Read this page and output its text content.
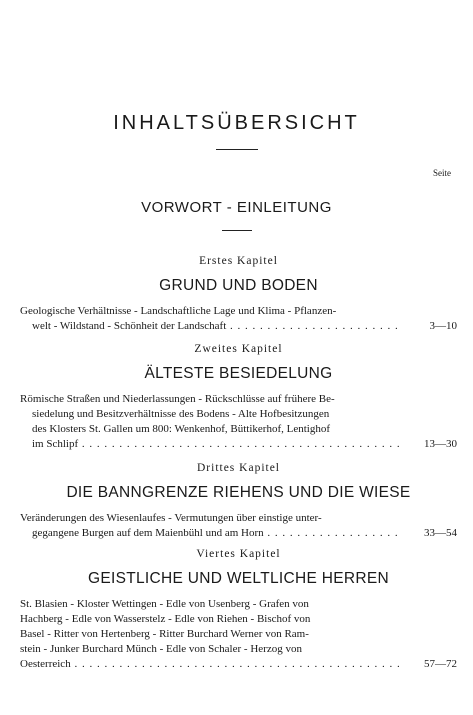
INHALTSÜBERSICHT
Seite
VORWORT - EINLEITUNG
Erstes Kapitel
GRUND UND BODEN
Geologische Verhältnisse - Landschaftliche Lage und Klima - Pflanzen-
welt - Wildstand - Schönheit der Landschaft . . .	3—10
Zweites Kapitel
ÄLTESTE BESIEDELUNG
Römische Straßen und Niederlassungen - Rückschlüsse auf frühere Be-
siedelung und Besitzverhältnisse des Bodens - Alte Hofbesitzungen
des Klosters St. Gallen um 800: Wenkenhof, Büttikerhof, Lentighof
im Schlipf . . .	13—30
Drittes Kapitel
DIE BANNGRENZE RIEHENS UND DIE WIESE
Veränderungen des Wiesenlaufes - Vermutungen über einstige unter-
gegangene Burgen auf dem Maienbühl und am Horn . . .	33—54
Viertes Kapitel
GEISTLICHE UND WELTLICHE HERREN
St. Blasien - Kloster Wettingen - Edle von Usenberg - Grafen von
Hachberg - Edle von Wasserstelz - Edle von Riehen - Bischof von
Basel - Ritter von Hertenberg - Ritter Burchard Werner von Ram-
stein - Junker Burchard Münch - Edle von Schaler - Herzog von
Oesterreich . . .	57—72
